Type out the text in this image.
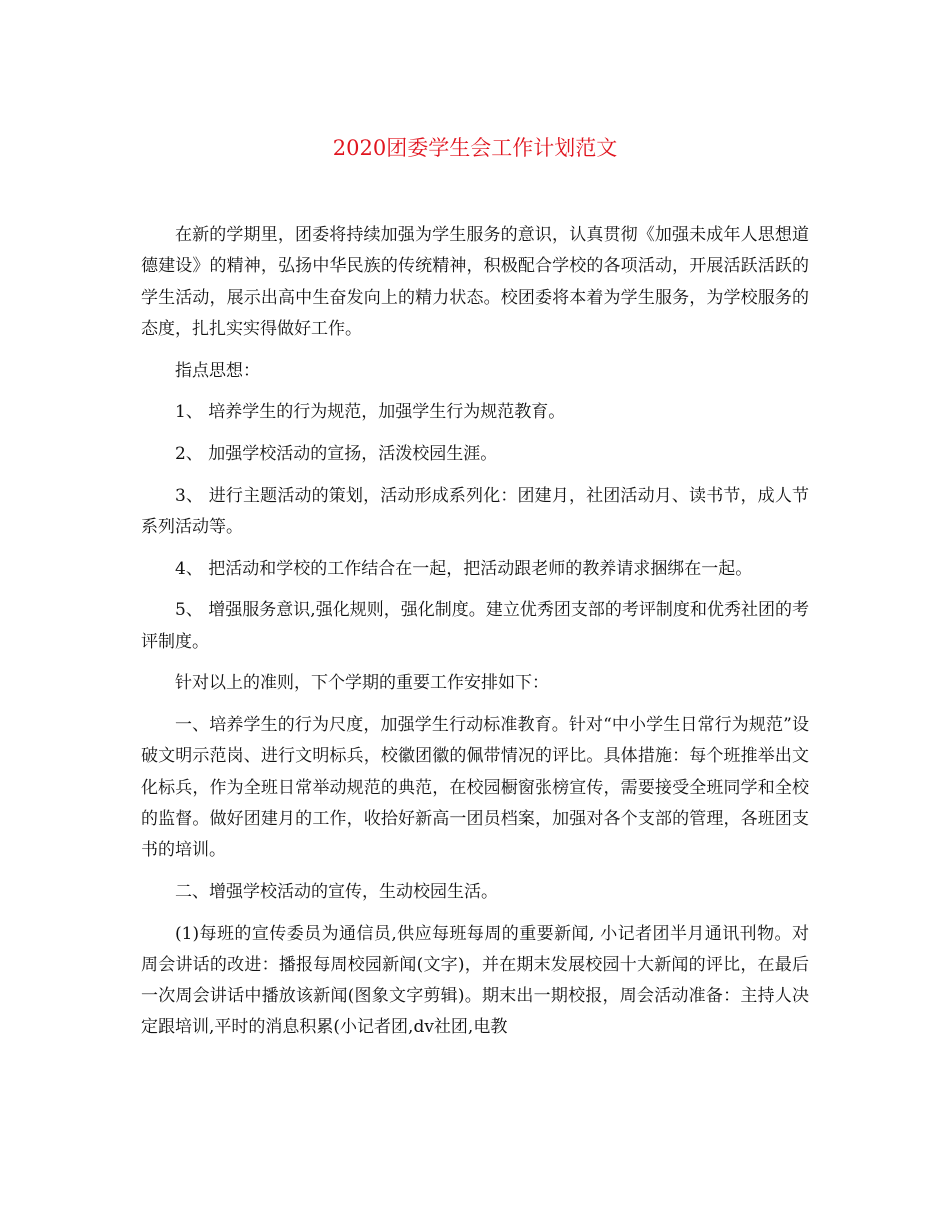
2020团委学生会工作计划范文

在新的学期里，团委将持续加强为学生服务的意识，认真贯彻《加强未成年人思想道德建设》的精神，弘扬中华民族的传统精神，积极配合学校的各项活动，开展活跃活跃的学生活动，展示出高中生奋发向上的精力状态。校团委将本着为学生服务，为学校服务的态度，扎扎实实得做好工作。

指点思想：

1、 培养学生的行为规范，加强学生行为规范教育。

2、 加强学校活动的宣扬，活泼校园生涯。

3、 进行主题活动的策划，活动形成系列化：团建月，社团活动月、读书节，成人节系列活动等。

4、 把活动和学校的工作结合在一起，把活动跟老师的教养请求捆绑在一起。

5、 增强服务意识,强化规则，强化制度。建立优秀团支部的考评制度和优秀社团的考评制度。

针对以上的准则，下个学期的重要工作安排如下：

一、培养学生的行为尺度，加强学生行动标准教育。针对“中小学生日常行为规范”设破文明示范岗、进行文明标兵，校徽团徽的佩带情况的评比。具体措施：每个班推举出文化标兵，作为全班日常举动规范的典范，在校园橱窗张榜宣传，需要接受全班同学和全校的监督。做好团建月的工作，收拾好新高一团员档案，加强对各个支部的管理，各班团支书的培训。

二、增强学校活动的宣传，生动校园生活。

(1)每班的宣传委员为通信员,供应每班每周的重要新闻, 小记者团半月通讯刊物。对周会讲话的改进：播报每周校园新闻(文字)，并在期末发展校园十大新闻的评比，在最后一次周会讲话中播放该新闻(图象文字剪辑)。期末出一期校报，周会活动准备：主持人决定跟培训,平时的消息积累(小记者团,dv社团,电教
